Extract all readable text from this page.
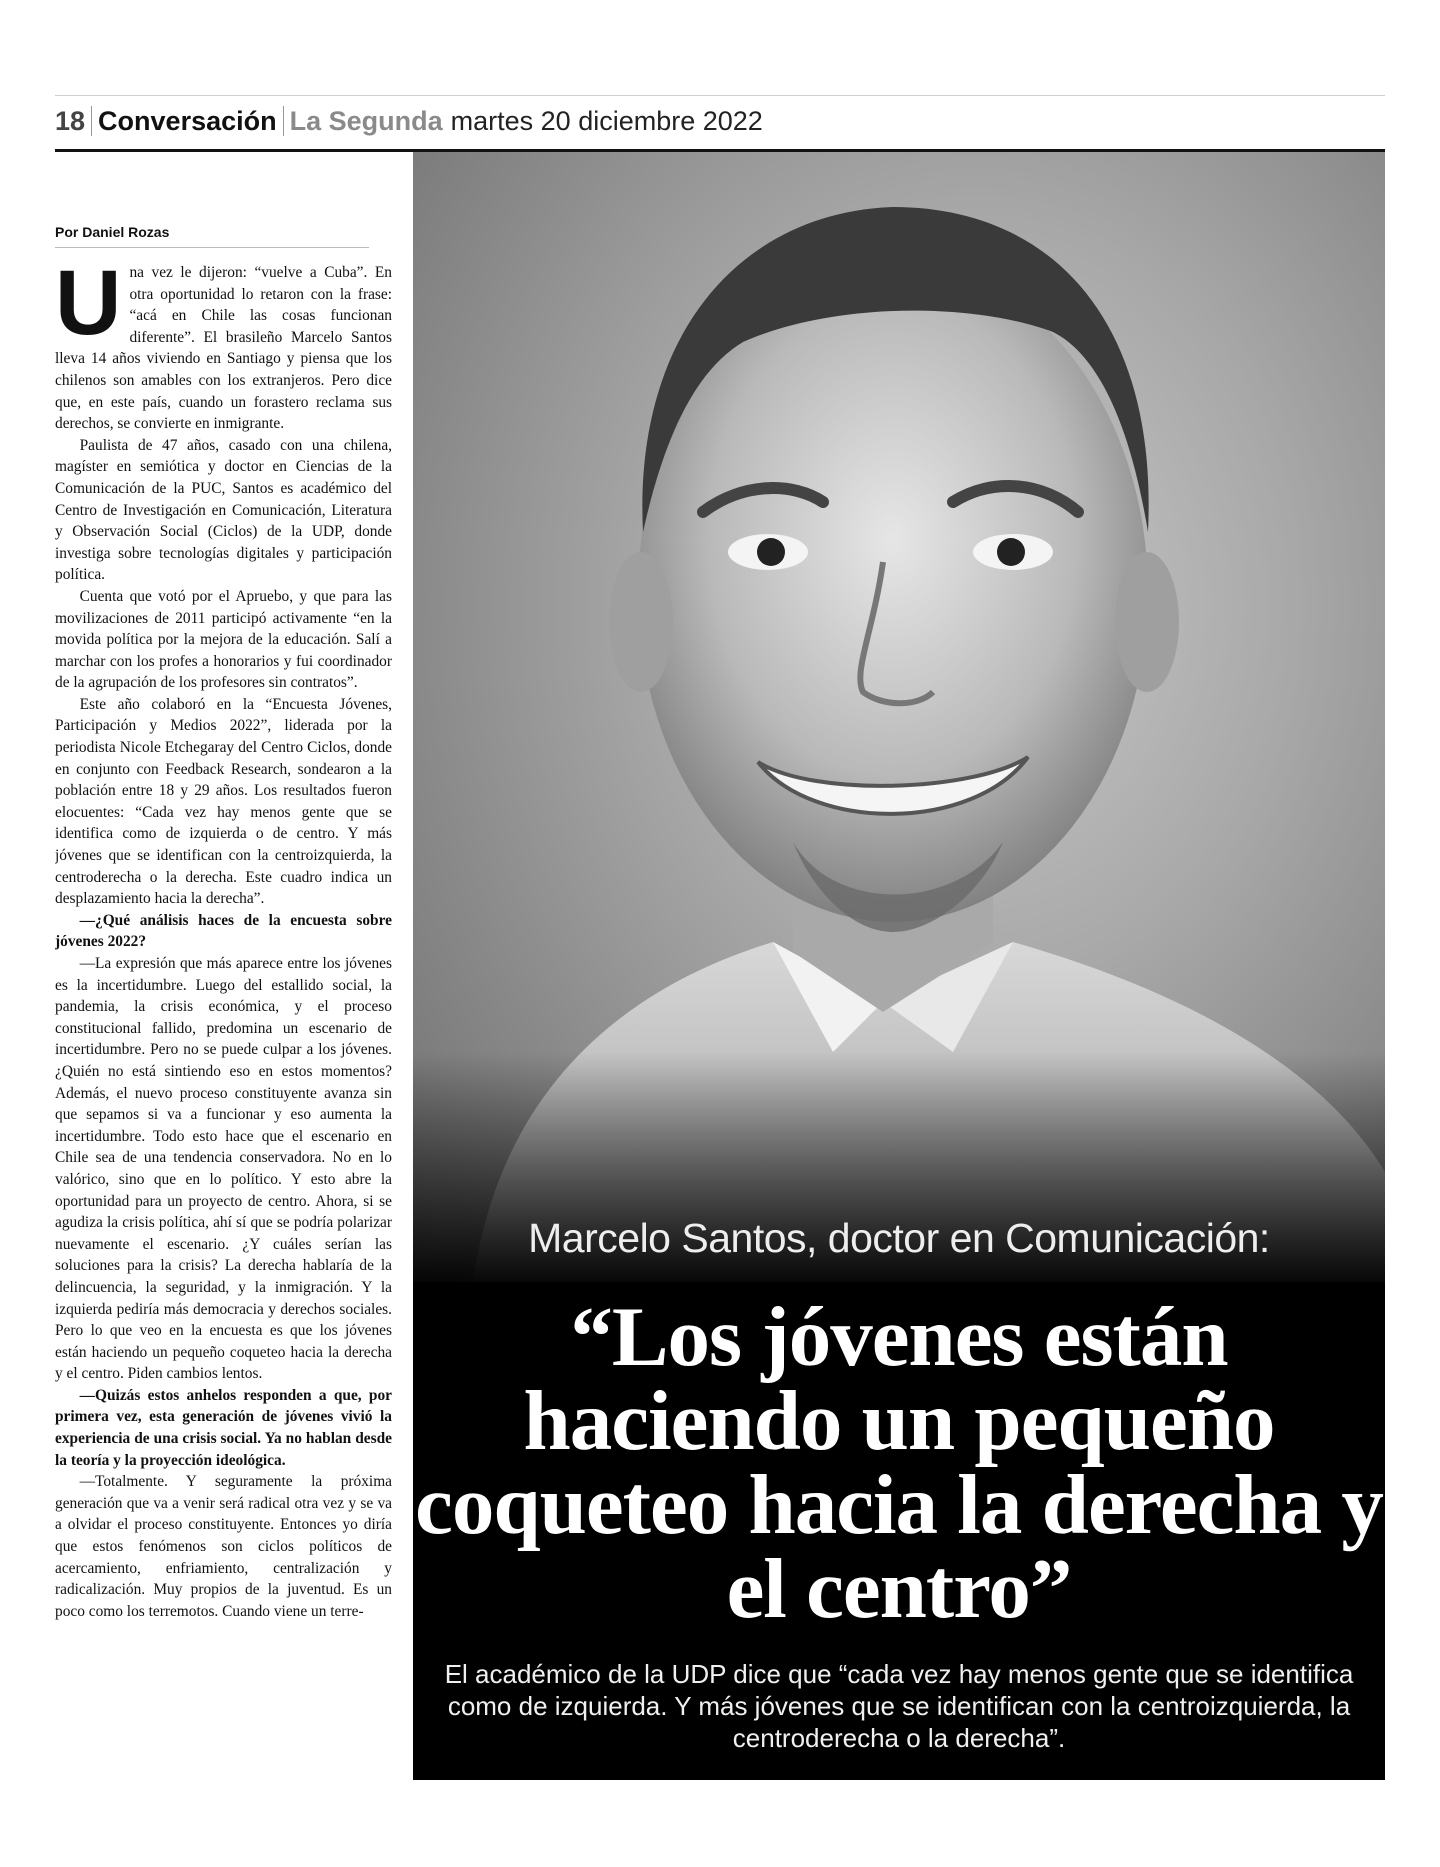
18 Conversación La Segunda martes 20 diciembre 2022
Por Daniel Rozas

Una vez le dijeron: “vuelve a Cuba”. En otra oportunidad lo retaron con la frase: “acá en Chile las cosas funcionan diferente”. El brasileño Marcelo Santos lleva 14 años viviendo en Santiago y piensa que los chilenos son amables con los extranjeros. Pero dice que, en este país, cuando un forastero reclama sus derechos, se convierte en inmigrante.

Paulista de 47 años, casado con una chilena, magíster en semiótica y doctor en Ciencias de la Comunicación de la PUC, Santos es académico del Centro de Investigación en Comunicación, Literatura y Observación Social (Ciclos) de la UDP, donde investiga sobre tecnologías digitales y participación política.

Cuenta que votó por el Apruebo, y que para las movilizaciones de 2011 participó activamente “en la movida política por la mejora de la educación. Salí a marchar con los profes a honorarios y fui coordinador de la agrupación de los profesores sin contratos”.

Este año colaboró en la “Encuesta Jóvenes, Participación y Medios 2022”, liderada por la periodista Nicole Etchegaray del Centro Ciclos, donde en conjunto con Feedback Research, sondearon a la población entre 18 y 29 años. Los resultados fueron elocuentes: “Cada vez hay menos gente que se identifica como de izquierda o de centro. Y más jóvenes que se identifican con la centroizquierda, la centroderecha o la derecha. Este cuadro indica un desplazamiento hacia la derecha”.

—¿Qué análisis haces de la encuesta sobre jóvenes 2022?

—La expresión que más aparece entre los jóvenes es la incertidumbre. Luego del estallido social, la pandemia, la crisis económica, y el proceso constitucional fallido, predomina un escenario de incertidumbre. Pero no se puede culpar a los jóvenes. ¿Quién no está sintiendo eso en estos momentos? Además, el nuevo proceso constituyente avanza sin que sepamos si va a funcionar y eso aumenta la incertidumbre. Todo esto hace que el escenario en Chile sea de una tendencia conservadora. No en lo valórico, sino que en lo político. Y esto abre la oportunidad para un proyecto de centro. Ahora, si se agudiza la crisis política, ahí sí que se podría polarizar nuevamente el escenario. ¿Y cuáles serían las soluciones para la crisis? La derecha hablaría de la delincuencia, la seguridad, y la inmigración. Y la izquierda pediría más democracia y derechos sociales. Pero lo que veo en la encuesta es que los jóvenes están haciendo un pequeño coqueteo hacia la derecha y el centro. Piden cambios lentos.

—Quizás estos anhelos responden a que, por primera vez, esta generación de jóvenes vivió la experiencia de una crisis social. Ya no hablan desde la teoría y la proyección ideológica.

—Totalmente. Y seguramente la próxima generación que va a venir será radical otra vez y se va a olvidar el proceso constituyente. Entonces yo diría que estos fenómenos son ciclos políticos de acercamiento, enfriamiento, centralización y radicalización. Muy propios de la juventud. Es un poco como los terremotos. Cuando viene un terre-

Marcelo Santos, doctor en Comunicación:
“Los jóvenes están haciendo un pequeño coqueteo hacia la derecha y el centro”
El académico de la UDP dice que “cada vez hay menos gente que se identifica como de izquierda. Y más jóvenes que se identifican con la centroizquierda, la centroderecha o la derecha”.
